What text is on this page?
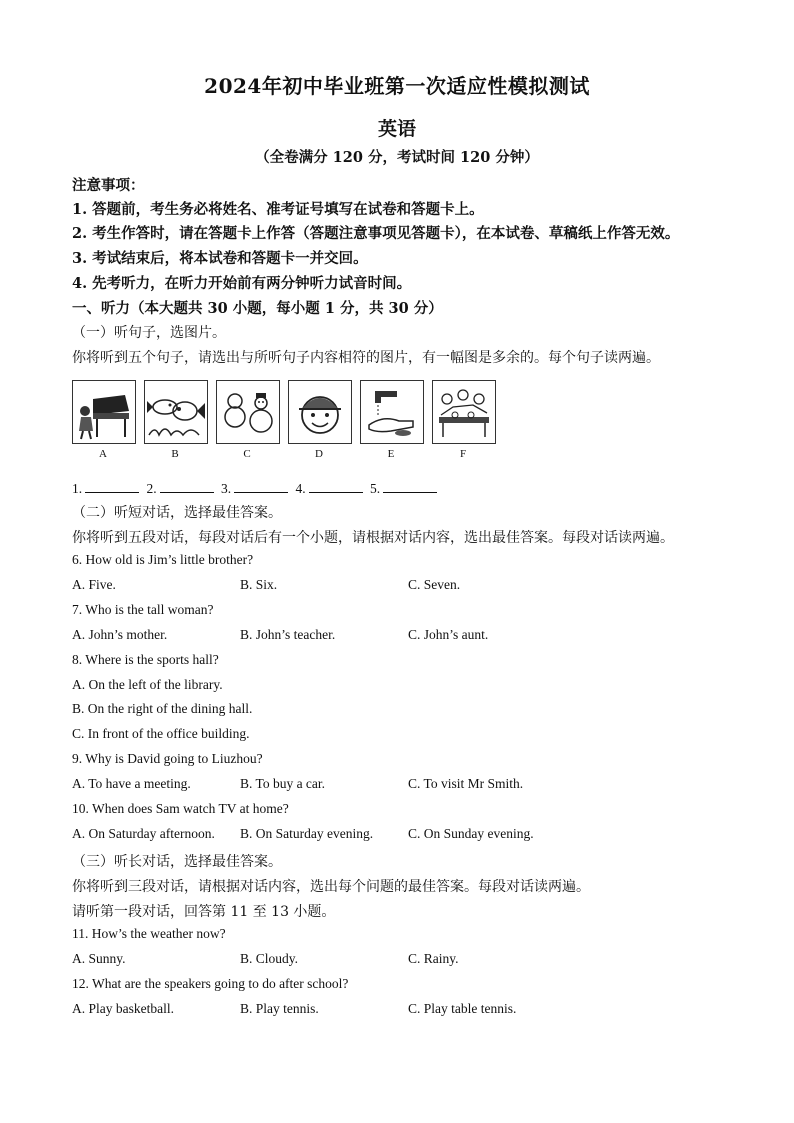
2024年初中毕业班第一次适应性模拟测试
英语
（全卷满分 120 分，考试时间 120 分钟）
注意事项：
1. 答题前，考生务必将姓名、准考证号填写在试卷和答题卡上。
2. 考生作答时，请在答题卡上作答（答题注意事项见答题卡），在本试卷、草稿纸上作答无效。
3. 考试结束后，将本试卷和答题卡一并交回。
4. 先考听力，在听力开始前有两分钟听力试音时间。
一、听力（本大题共 30 小题，每小题 1 分，共 30 分）
（一）听句子，选图片。
你将听到五个句子，请选出与所听句子内容相符的图片，有一幅图是多余的。每个句子读两遍。
A	B	C	D	E	F
1.	2.	3.	4.	5.
（二）听短对话，选择最佳答案。
你将听到五段对话，每段对话后有一个小题，请根据对话内容，选出最佳答案。每段对话读两遍。
6. How old is Jim’s little brother?
A. Five.	B. Six.	C. Seven.
7. Who is the tall woman?
A. John’s mother.	B. John’s teacher.	C. John’s aunt.
8. Where is the sports hall?
A. On the left of the library.
B. On the right of the dining hall.
C. In front of the office building.
9. Why is David going to Liuzhou?
A. To have a meeting.	B. To buy a car.	C. To visit Mr Smith.
10. When does Sam watch TV at home?
A. On Saturday afternoon. B. On Saturday evening.	C. On Sunday evening.
（三）听长对话，选择最佳答案。
你将听到三段对话，请根据对话内容，选出每个问题的最佳答案。每段对话读两遍。
请听第一段对话，回答第 11 至 13 小题。
11. How’s the weather now?
A. Sunny.	B. Cloudy.	C. Rainy.
12. What are the speakers going to do after school?
A. Play basketball.	B. Play tennis.	C. Play table tennis.
